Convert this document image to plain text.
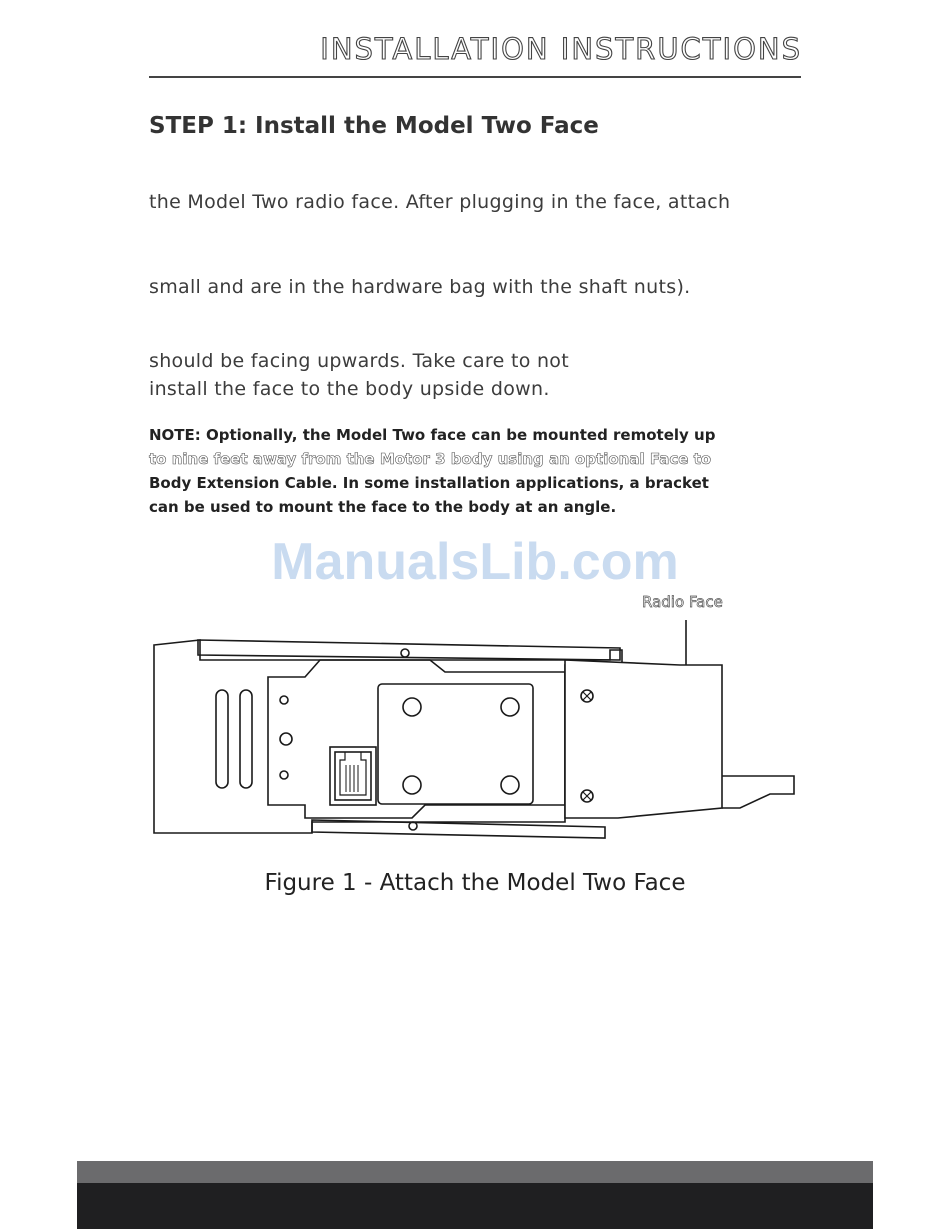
INSTALLATION INSTRUCTIONS
STEP 1: Install the Model Two Face
the Model Two radio face. After plugging in the face, attach
small and are in the hardware bag with the shaft nuts).
should be facing upwards. Take care to not
install the face to the body upside down.
NOTE: Optionally, the Model Two face can be mounted remotely up
to nine feet away from the Motor 3 body using an optional Face to
Body Extension Cable. In some installation applications, a bracket
can be used to mount the face to the body at an angle.
ManualsLib.com
Radio Face
Figure 1 - Attach the Model Two Face
